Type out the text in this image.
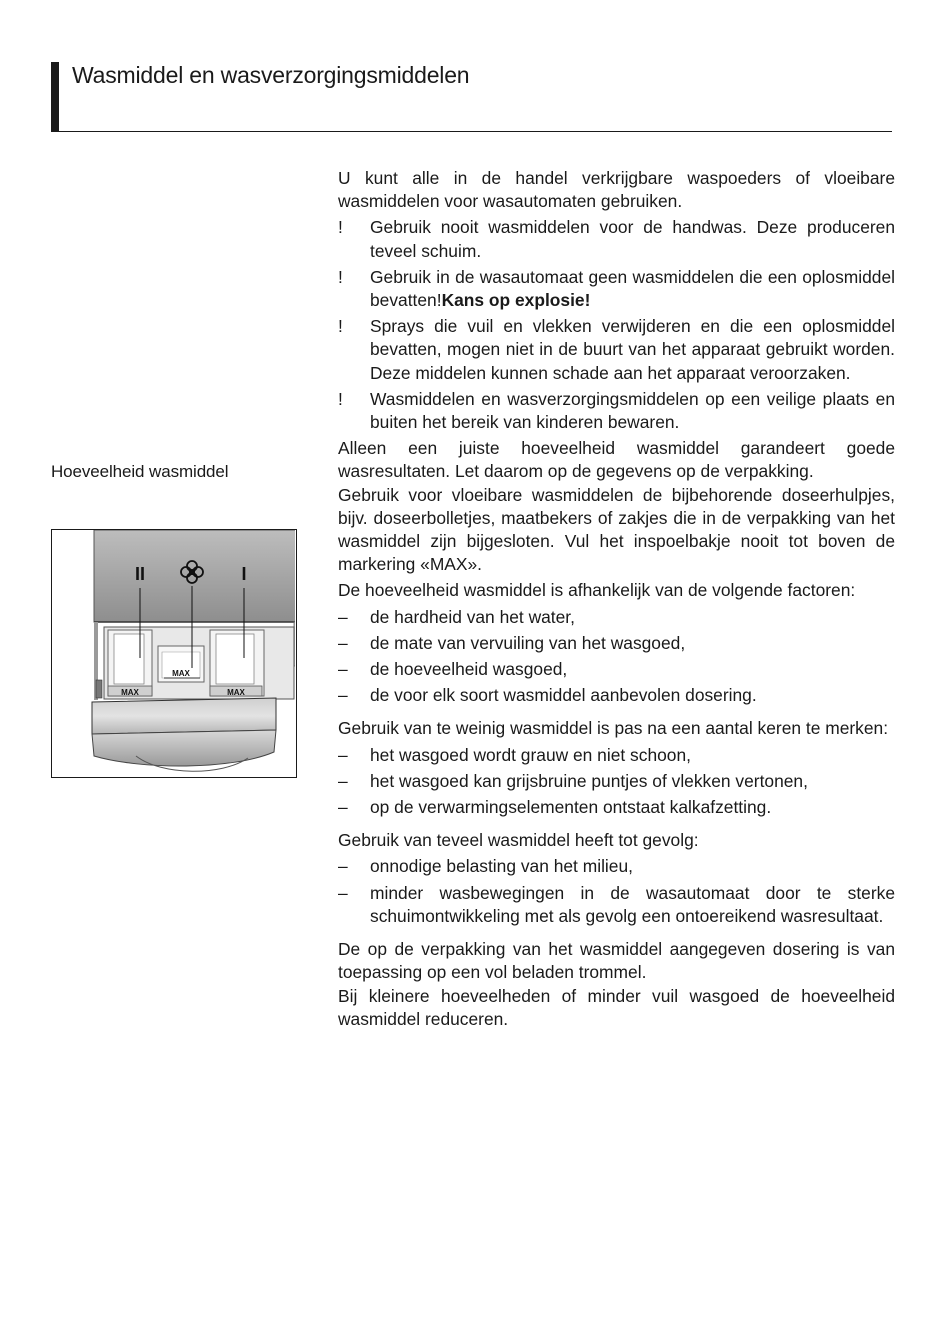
Wasmiddel en wasverzorgingsmiddelen
Hoeveelheid wasmiddel
MAX
MAX
MAX
II	I

U kunt alle in de handel verkrijgbare waspoeders of vloeibare wasmiddelen voor wasautomaten gebruiken.

! Gebruik nooit wasmiddelen voor de handwas. Deze produceren teveel schuim.
! Gebruik in de wasautomaat geen wasmiddelen die een oplosmiddel bevatten!Kans op explosie!
! Sprays die vuil en vlekken verwijderen en die een oplosmiddel bevatten, mogen niet in de buurt van het apparaat gebruikt worden. Deze middelen kunnen schade aan het apparaat veroorzaken.
! Wasmiddelen en wasverzorgingsmiddelen op een veilige plaats en buiten het bereik van kinderen bewaren.

Alleen een juiste hoeveelheid wasmiddel garandeert goede wasresultaten. Let daarom op de gegevens op de verpakking.

Gebruik voor vloeibare wasmiddelen de bijbehorende doseerhulpjes, bijv. doseerbolletjes, maatbekers of zakjes die in de verpakking van het wasmiddel zijn bijgesloten. Vul het inspoelbakje nooit tot boven de markering «MAX».

De hoeveelheid wasmiddel is afhankelijk van de volgende factoren:

– de hardheid van het water,
– de mate van vervuiling van het wasgoed,
– de hoeveelheid wasgoed,
– de voor elk soort wasmiddel aanbevolen dosering.

Gebruik van te weinig wasmiddel is pas na een aantal keren te merken:

– het wasgoed wordt grauw en niet schoon,
– het wasgoed kan grijsbruine puntjes of vlekken vertonen,
– op de verwarmingselementen ontstaat kalkafzetting.

Gebruik van teveel wasmiddel heeft tot gevolg:

– onnodige belasting van het milieu,
– minder wasbewegingen in de wasautomaat door te sterke schuimontwikkeling met als gevolg een ontoereikend wasresultaat.

De op de verpakking van het wasmiddel aangegeven dosering is van toepassing op een vol beladen trommel.

Bij kleinere hoeveelheden of minder vuil wasgoed de hoeveelheid wasmiddel reduceren.
